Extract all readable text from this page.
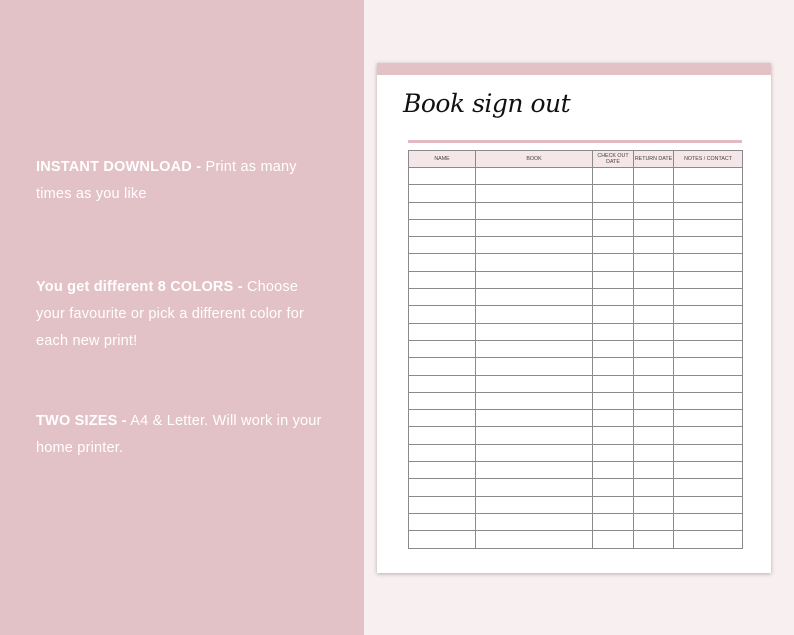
INSTANT DOWNLOAD - Print as many times as you like
You get different 8 COLORS - Choose your favourite or pick a different color for each new print!
TWO SIZES - A4 & Letter. Will work in your home printer.
Book sign out
NAME	BOOK	CHECK OUT DATE	RETURN DATE	NOTES / CONTACT
